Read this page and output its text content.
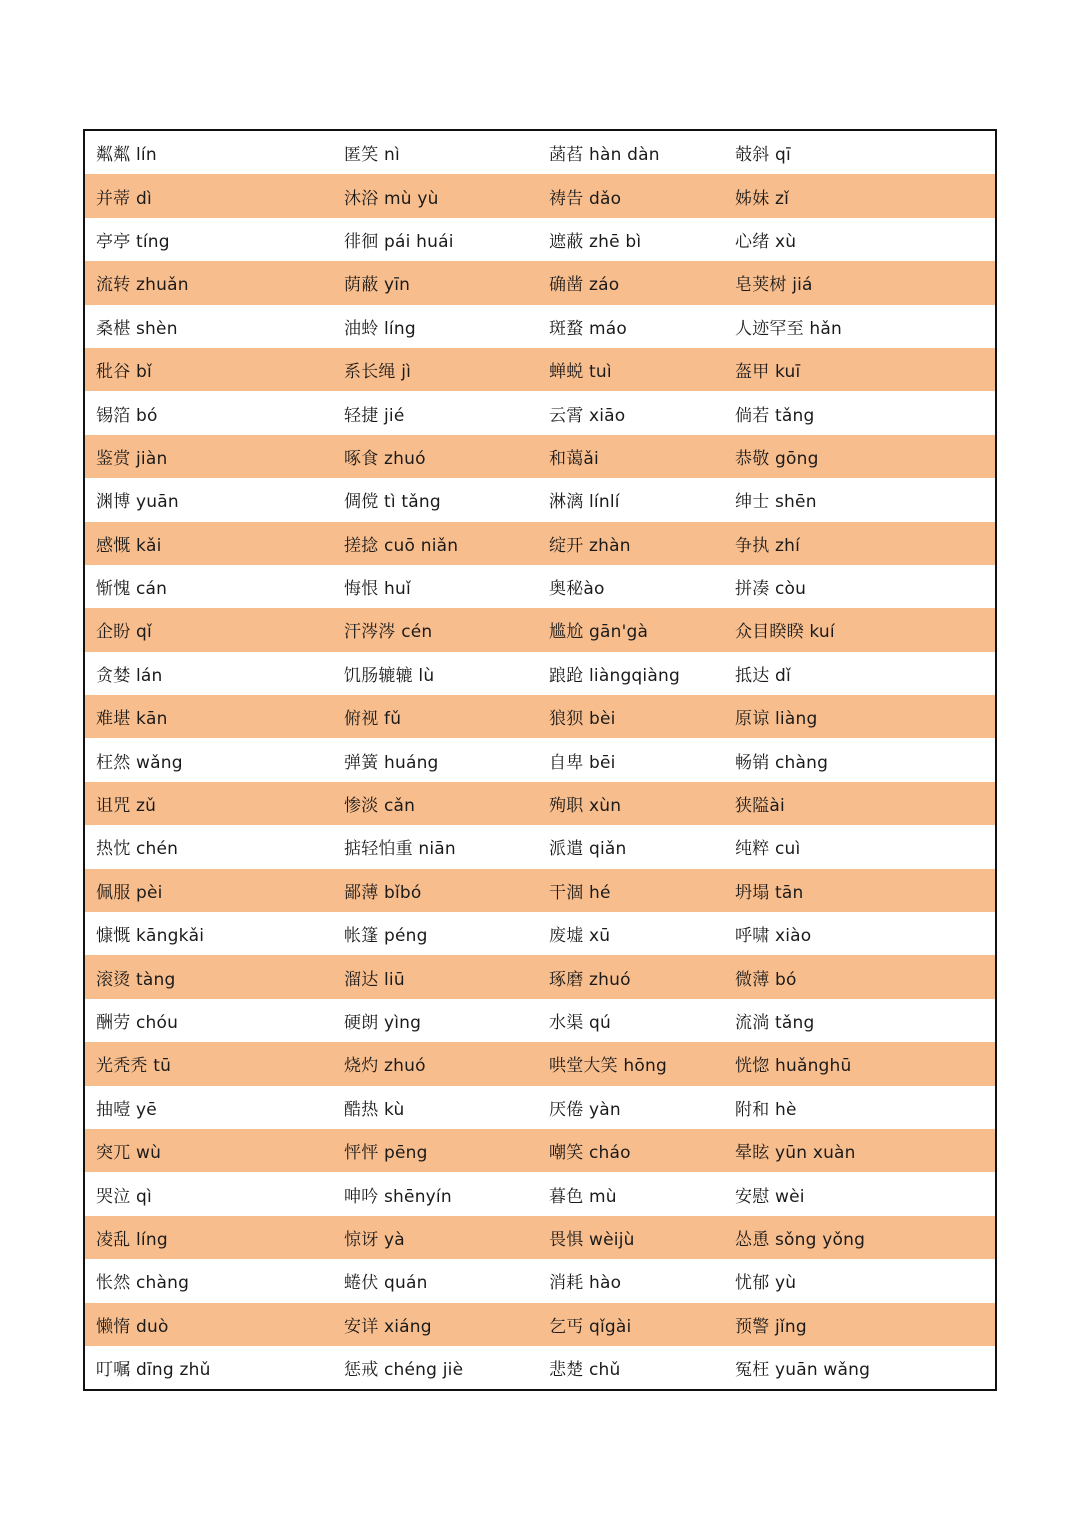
粼粼 lín	匿笑 nì	菡萏 hàn dàn	攲斜 qī
并蒂 dì	沐浴 mù yù	祷告 dǎo	姊妹 zǐ
亭亭 tíng	徘徊 pái huái	遮蔽 zhē bì	心绪 xù
流转 zhuǎn	荫蔽 yīn	确凿 záo	皂荚树 jiá
桑椹 shèn	油蛉 líng	斑蝥 máo	人迹罕至 hǎn
秕谷 bǐ	系长绳 jì	蝉蜕 tuì	盔甲 kuī
锡箔 bó	轻捷 jié	云霄 xiāo	倘若 tǎng
鉴赏 jiàn	啄食 zhuó	和蔼ǎi	恭敬 gōng
渊博 yuān	倜傥 tì tǎng	淋漓 línlí	绅士 shēn
感慨 kǎi	搓捻 cuō niǎn	绽开 zhàn	争执 zhí
惭愧 cán	悔恨 huǐ	奥秘ào	拼凑 còu
企盼 qǐ	汗涔涔 cén	尴尬 gān'gà	众目睽睽 kuí
贪婪 lán	饥肠辘辘 lù	踉跄 liàngqiàng	抵达 dǐ
难堪 kān	俯视 fǔ	狼狈 bèi	原谅 liàng
枉然 wǎng	弹簧 huáng	自卑 bēi	畅销 chàng
诅咒 zǔ	惨淡 cǎn	殉职 xùn	狭隘ài
热忱 chén	掂轻怕重 niān	派遣 qiǎn	纯粹 cuì
佩服 pèi	鄙薄 bǐbó	干涸 hé	坍塌 tān
慷慨 kāngkǎi	帐篷 péng	废墟 xū	呼啸 xiào
滚烫 tàng	溜达 liū	琢磨 zhuó	微薄 bó
酬劳 chóu	硬朗 yìng	水渠 qú	流淌 tǎng
光秃秃 tū	烧灼 zhuó	哄堂大笑 hōng	恍惚 huǎnghū
抽噎 yē	酷热 kù	厌倦 yàn	附和 hè
突兀 wù	怦怦 pēng	嘲笑 cháo	晕眩 yūn xuàn
哭泣 qì	呻吟 shēnyín	暮色 mù	安慰 wèi
凌乱 líng	惊讶 yà	畏惧 wèijù	怂恿 sǒng yǒng
怅然 chàng	蜷伏 quán	消耗 hào	忧郁 yù
懒惰 duò	安详 xiáng	乞丐 qǐgài	预警 jǐng
叮嘱 dīng zhǔ	惩戒 chéng jiè	悲楚 chǔ	冤枉 yuān wǎng
